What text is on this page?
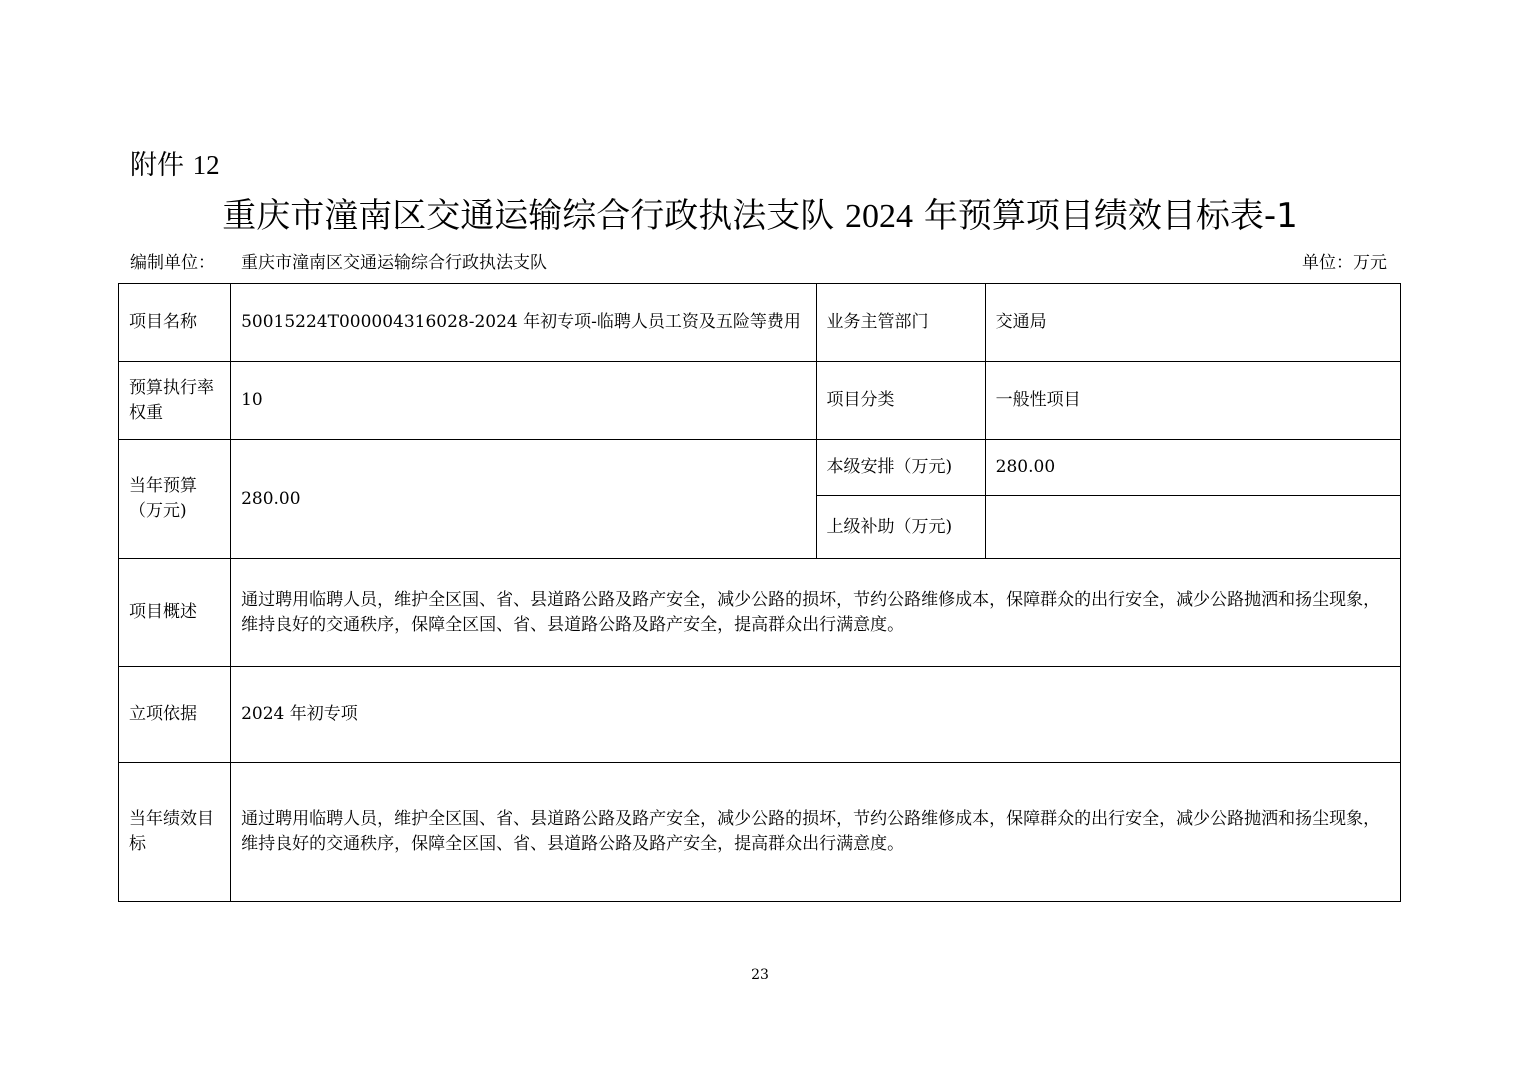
附件 12
重庆市潼南区交通运输综合行政执法支队 2024 年预算项目绩效目标表-1
编制单位： 重庆市潼南区交通运输综合行政执法支队	单位：万元
项目名称	50015224T000004316028-2024 年初专项-临聘人员工资及五险等费用	业务主管部门	交通局
预算执行率权重	10	项目分类	一般性项目
当年预算（万元)	280.00	本级安排（万元)	280.00
		上级补助（万元)	
项目概述	通过聘用临聘人员，维护全区国、省、县道路公路及路产安全，减少公路的损坏，节约公路维修成本，保障群众的出行安全，减少公路抛洒和扬尘现象，维持良好的交通秩序，保障全区国、省、县道路公路及路产安全，提高群众出行满意度。		
立项依据	2024 年初专项		
当年绩效目标	通过聘用临聘人员，维护全区国、省、县道路公路及路产安全，减少公路的损坏，节约公路维修成本，保障群众的出行安全，减少公路抛洒和扬尘现象，维持良好的交通秩序，保障全区国、省、县道路公路及路产安全，提高群众出行满意度。		
23
